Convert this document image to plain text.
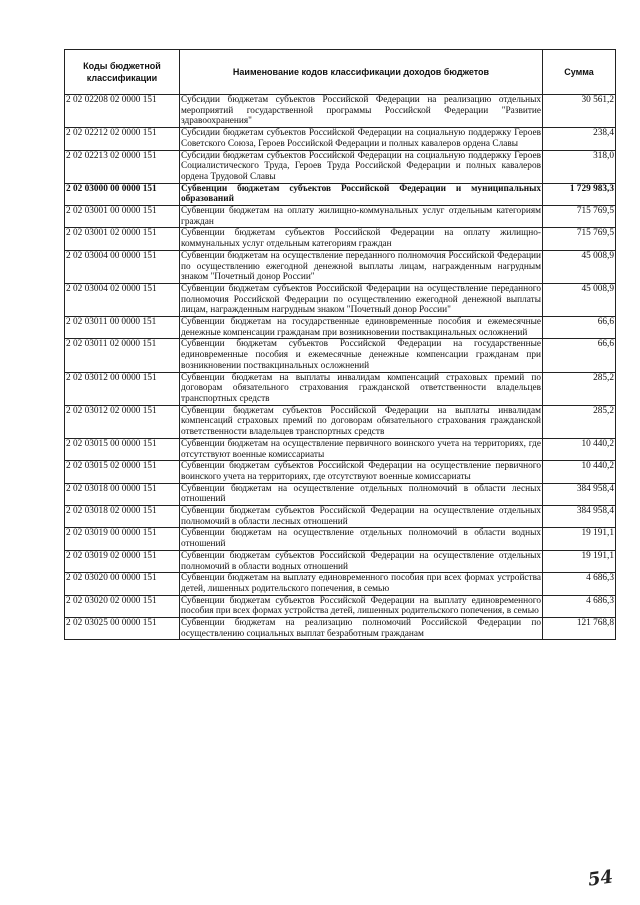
Коды бюджетной классификации	Наименование кодов классификации доходов бюджетов	Сумма
2 02 02208 02 0000 151	Субсидии бюджетам субъектов Российской Федерации на реализацию отдельных мероприятий государственной программы Российской Федерации "Развитие здравоохранения"	30 561,2
2 02 02212 02 0000 151	Субсидии бюджетам субъектов Российской Федерации на социальную поддержку Героев Советского Союза, Героев Российской Федерации и полных кавалеров ордена Славы	238,4
2 02 02213 02 0000 151	Субсидии бюджетам субъектов Российской Федерации на социальную поддержку Героев Социалистического Труда, Героев Труда Российской Федерации и полных кавалеров ордена Трудовой Славы	318,0
2 02 03000 00 0000 151	Субвенции бюджетам субъектов Российской Федерации и муниципальных образований	1 729 983,3
2 02 03001 00 0000 151	Субвенции бюджетам на оплату жилищно-коммунальных услуг отдельным категориям граждан	715 769,5
2 02 03001 02 0000 151	Субвенции бюджетам субъектов Российской Федерации на оплату жилищно-коммунальных услуг отдельным категориям граждан	715 769,5
2 02 03004 00 0000 151	Субвенции бюджетам на осуществление переданного полномочия Российской Федерации по осуществлению ежегодной денежной выплаты лицам, награжденным нагрудным знаком "Почетный донор России"	45 008,9
2 02 03004 02 0000 151	Субвенции бюджетам субъектов Российской Федерации на осуществление переданного полномочия Российской Федерации по осуществлению ежегодной денежной выплаты лицам, награжденным нагрудным знаком "Почетный донор России"	45 008,9
2 02 03011 00 0000 151	Субвенции бюджетам на государственные единовременные пособия и ежемесячные денежные компенсации гражданам при возникновении поствакцинальных осложнений	66,6
2 02 03011 02 0000 151	Субвенции бюджетам субъектов Российской Федерации на государственные единовременные пособия и ежемесячные денежные компенсации гражданам при возникновении поствакцинальных осложнений	66,6
2 02 03012 00 0000 151	Субвенции бюджетам на выплаты инвалидам компенсаций страховых премий по договорам обязательного страхования гражданской ответственности владельцев транспортных средств	285,2
2 02 03012 02 0000 151	Субвенции бюджетам субъектов Российской Федерации на выплаты инвалидам компенсаций страховых премий по договорам обязательного страхования гражданской ответственности владельцев транспортных средств	285,2
2 02 03015 00 0000 151	Субвенции бюджетам на осуществление первичного воинского учета на территориях, где отсутствуют военные комиссариаты	10 440,2
2 02 03015 02 0000 151	Субвенции бюджетам субъектов Российской Федерации на осуществление первичного воинского учета на территориях, где отсутствуют военные комиссариаты	10 440,2
2 02 03018 00 0000 151	Субвенции бюджетам на осуществление отдельных полномочий в области лесных отношений	384 958,4
2 02 03018 02 0000 151	Субвенции бюджетам субъектов Российской Федерации на осуществление отдельных полномочий в области лесных отношений	384 958,4
2 02 03019 00 0000 151	Субвенции бюджетам на осуществление отдельных полномочий в области водных отношений	19 191,1
2 02 03019 02 0000 151	Субвенции бюджетам субъектов Российской Федерации на осуществление отдельных полномочий в области водных отношений	19 191,1
2 02 03020 00 0000 151	Субвенции бюджетам на выплату единовременного пособия при всех формах устройства детей, лишенных родительского попечения, в семью	4 686,3
2 02 03020 02 0000 151	Субвенции бюджетам субъектов Российской Федерации на выплату единовременного пособия при всех формах устройства детей, лишенных родительского попечения, в семью	4 686,3
2 02 03025 00 0000 151	Субвенции бюджетам на реализацию полномочий Российской Федерации по осуществлению социальных выплат безработным гражданам	121 768,8
54
